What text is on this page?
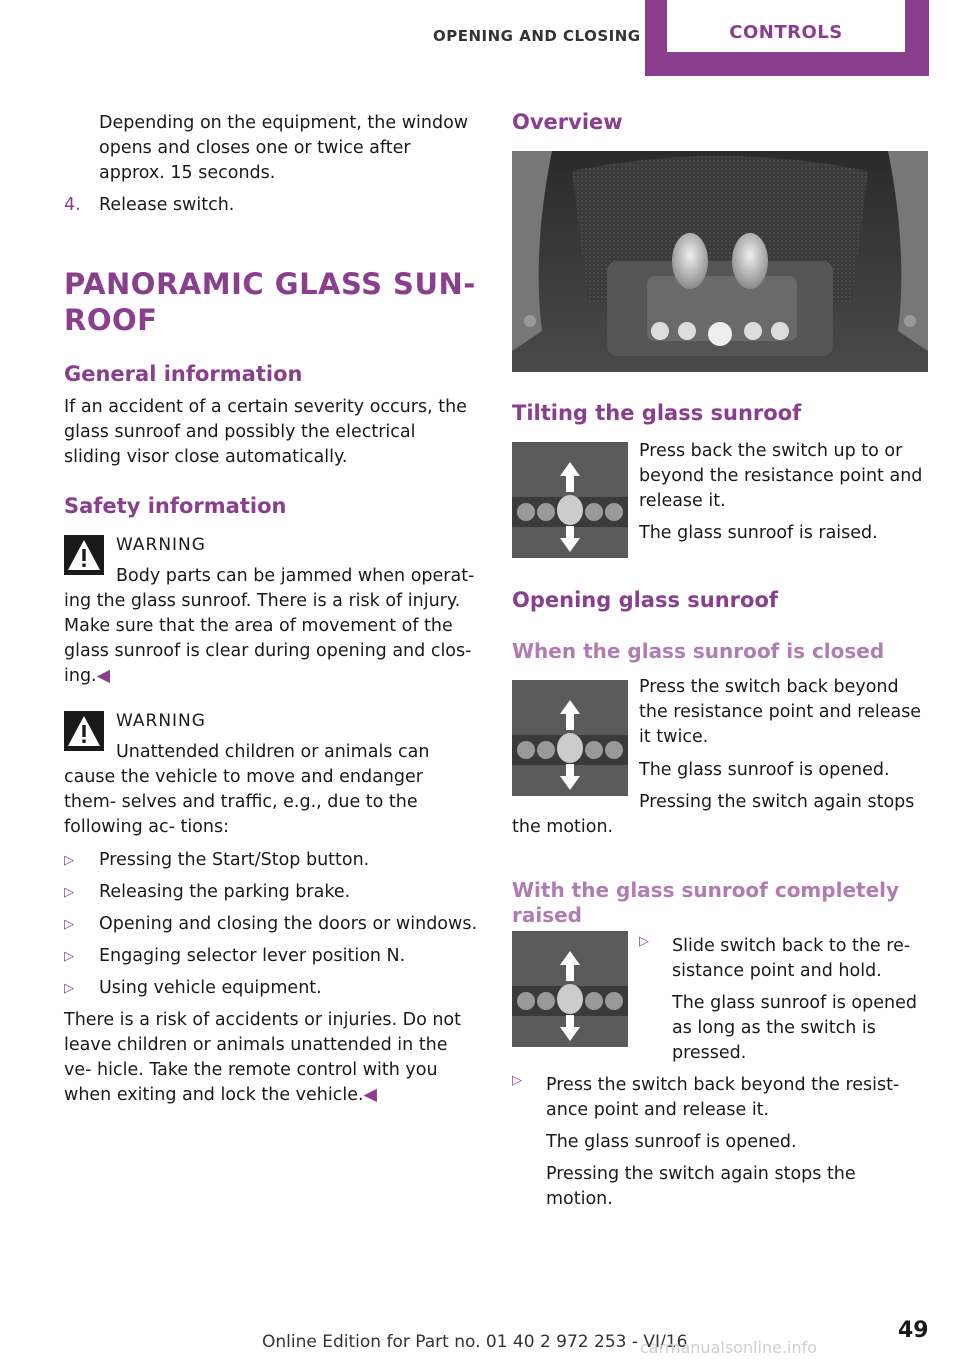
OPENING AND CLOSING	CONTROLS

Depending on the equipment, the window opens and closes one or twice after approx. 15 seconds.

4. Release switch.

PANORAMIC GLASS SUN‐
ROOF
General information

If an accident of a certain severity occurs, the glass sunroof and possibly the electrical sliding visor close automatically.

Safety information
WARNING

Body parts can be jammed when operat‐

ing the glass sunroof. There is a risk of injury. Make sure that the area of movement of the glass sunroof is clear during opening and clos‐ ing.◀

WARNING

Unattended children or animals can

cause the vehicle to move and endanger them‐ selves and traffic, e.g., due to the following ac‐ tions:

▷ Pressing the Start/Stop button.
▷ Releasing the parking brake.
▷ Opening and closing the doors or windows.
▷ Engaging selector lever position N.
▷ Using vehicle equipment.

There is a risk of accidents or injuries. Do not leave children or animals unattended in the ve‐ hicle. Take the remote control with you when exiting and lock the vehicle.◀

Overview
Tilting the glass sunroof

Press back the switch up to or beyond the resistance point and release it.

The glass sunroof is raised.

Opening glass sunroof
When the glass sunroof is closed

Press the switch back beyond the resistance point and release it twice.

The glass sunroof is opened.

Pressing the switch again stops

the motion.

With the glass sunroof completely
raised
▷ Slide switch back to the re‐ sistance point and hold.

The glass sunroof is opened as long as the switch is pressed.

▷ Press the switch back beyond the resist‐ ance point and release it.

The glass sunroof is opened.

Pressing the switch again stops the motion.

Online Edition for Part no. 01 40 2 972 253 - VI/16	49
carmanualsonline.info
